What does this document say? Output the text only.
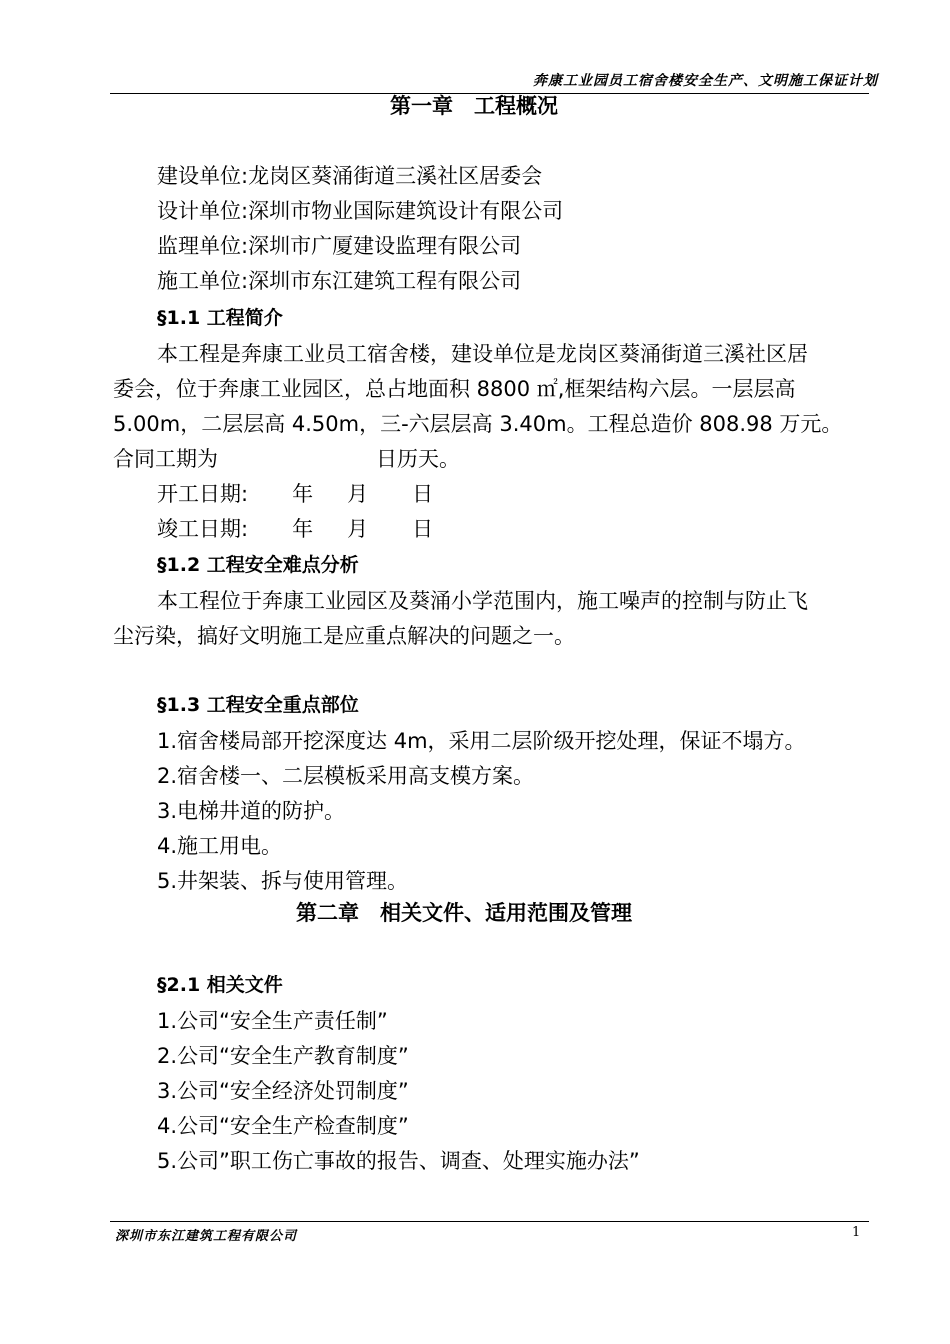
奔康工业园员工宿舍楼安全生产、文明施工保证计划
第一章　工程概况
建设单位:龙岗区葵涌街道三溪社区居委会
设计单位:深圳市物业国际建筑设计有限公司
监理单位:深圳市广厦建设监理有限公司
施工单位:深圳市东江建筑工程有限公司
§1.1 工程简介
本工程是奔康工业员工宿舍楼，建设单位是龙岗区葵涌街道三溪社区居
委会，位于奔康工业园区，总占地面积 8800 ㎡,框架结构六层。一层层高
5.00m，二层层高 4.50m，三-六层层高 3.40m。工程总造价 808.98 万元。
合同工期为	日历天。
开工日期: 年 月 日
竣工日期: 年 月 日
§1.2 工程安全难点分析
本工程位于奔康工业园区及葵涌小学范围内，施工噪声的控制与防止飞
尘污染，搞好文明施工是应重点解决的问题之一。
§1.3 工程安全重点部位
1.宿舍楼局部开挖深度达 4m，采用二层阶级开挖处理，保证不塌方。
2.宿舍楼一、二层模板采用高支模方案。
3.电梯井道的防护。
4.施工用电。
5.井架装、拆与使用管理。
第二章　相关文件、适用范围及管理
§2.1 相关文件
1.公司“安全生产责任制”
2.公司“安全生产教育制度”
3.公司“安全经济处罚制度”
4.公司“安全生产检查制度”
5.公司”职工伤亡事故的报告、调查、处理实施办法”
深圳市东江建筑工程有限公司	1
